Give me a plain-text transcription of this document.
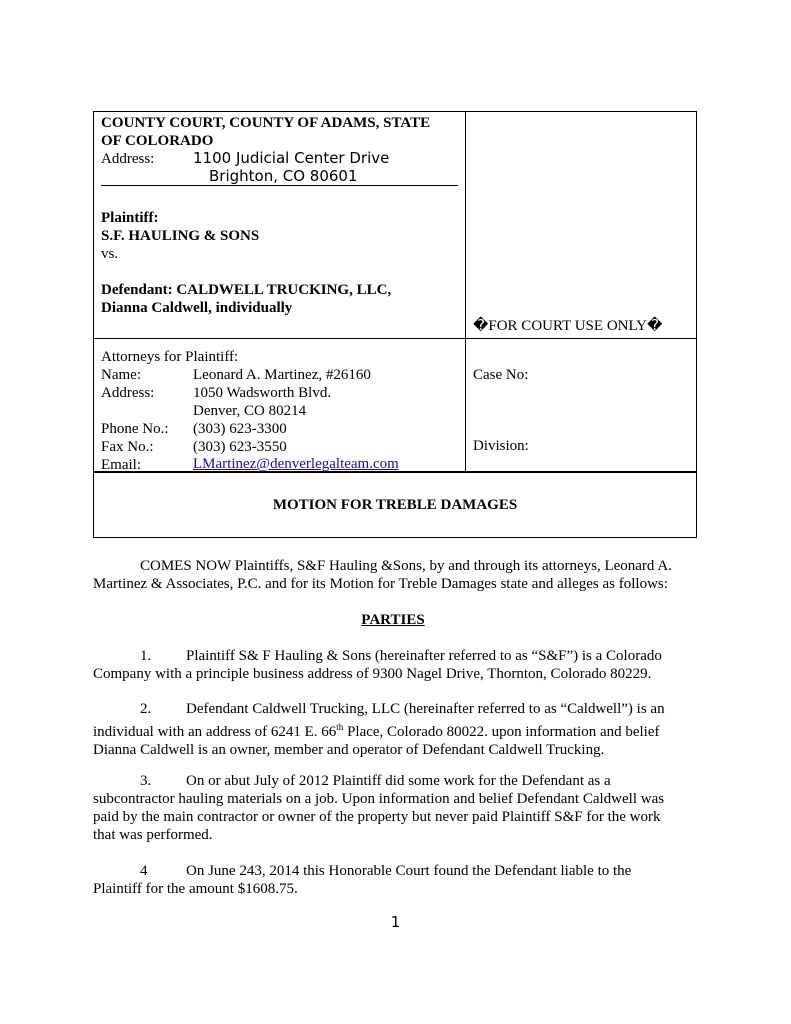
COUNTY COURT, COUNTY OF ADAMS, STATE
OF COLORADO
Address:	1100 Judicial Center Drive
Brighton, CO 80601
Plaintiff:
S.F. HAULING & SONS
vs.
Defendant: CALDWELL TRUCKING, LLC,
Dianna Caldwell, individually
�FOR COURT USE ONLY�
Attorneys for Plaintiff:
Name:	Leonard A. Martinez, #26160
Address:	1050 Wadsworth Blvd.
Denver, CO 80214
Phone No.: (303) 623-3300
Fax No.:	(303) 623-3550
Email:	LMartinez@denverlegalteam.com
Case No:
Division:
MOTION FOR TREBLE DAMAGES
COMES NOW Plaintiffs, S&F Hauling &Sons, by and through its attorneys, Leonard A.
Martinez & Associates, P.C. and for its Motion for Treble Damages state and alleges as follows:
PARTIES
1. Plaintiff S& F Hauling & Sons (hereinafter referred to as “S&F”) is a Colorado
Company with a principle business address of 9300 Nagel Drive, Thornton, Colorado 80229.
2. Defendant Caldwell Trucking, LLC (hereinafter referred to as “Caldwell”) is an
individual with an address of 6241 E. 66th Place, Colorado 80022. upon information and belief
Dianna Caldwell is an owner, member and operator of Defendant Caldwell Trucking.
3. On or abut July of 2012 Plaintiff did some work for the Defendant as a
subcontractor hauling materials on a job. Upon information and belief Defendant Caldwell was
paid by the main contractor or owner of the property but never paid Plaintiff S&F for the work
that was performed.
4	On June 243, 2014 this Honorable Court found the Defendant liable to the
Plaintiff for the amount $1608.75.
1
